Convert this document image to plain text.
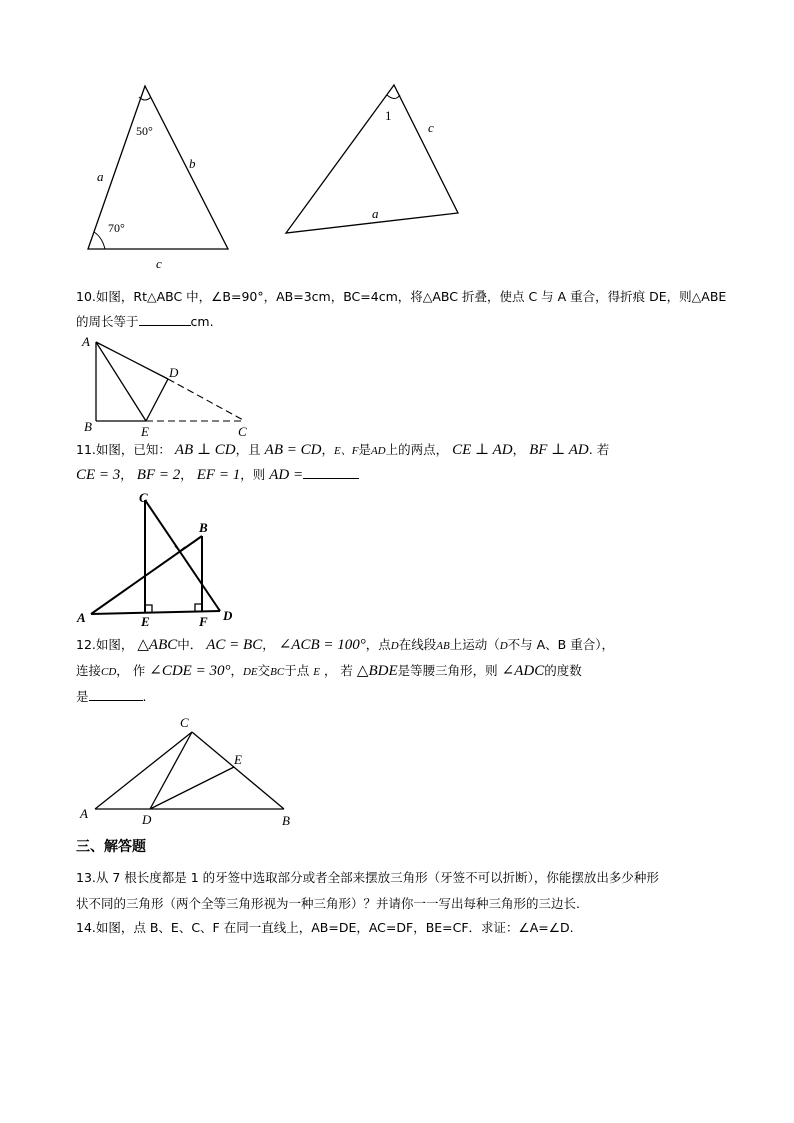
50°
70°
a
b
c
1
c
a
10.如图，Rt△ABC 中，∠B=90°，AB=3cm，BC=4cm，将△ABC 折叠，使点 C 与 A 重合，得折痕 DE，则△ABE
的周长等于	cm.
A
B
D
E	C
11.如图，已知： AB ⊥ CD，且 AB = CD，E、F是AD上的两点， CE ⊥ AD， BF ⊥ AD. 若
CE = 3， BF = 2， EF = 1，则 AD =
C
B
A	E	F D
12.如图， △ABC中． AC = BC， ∠ACB = 100°，点D在线段AB上运动（D不与 A、B 重合），
连接CD， 作 ∠CDE = 30°，DE交BC于点 E ， 若 △BDE是等腰三角形，则 ∠ADC的度数
是	.
C
E
A	D	B
三、解答题
13.从 7 根长度都是 1 的牙签中选取部分或者全部来摆放三角形（牙签不可以折断），你能摆放出多少种形
状不同的三角形（两个全等三角形视为一种三角形）？并请你一一写出每种三角形的三边长.
14.如图，点 B、E、C、F 在同一直线上，AB=DE，AC=DF，BE=CF．求证：∠A=∠D.
